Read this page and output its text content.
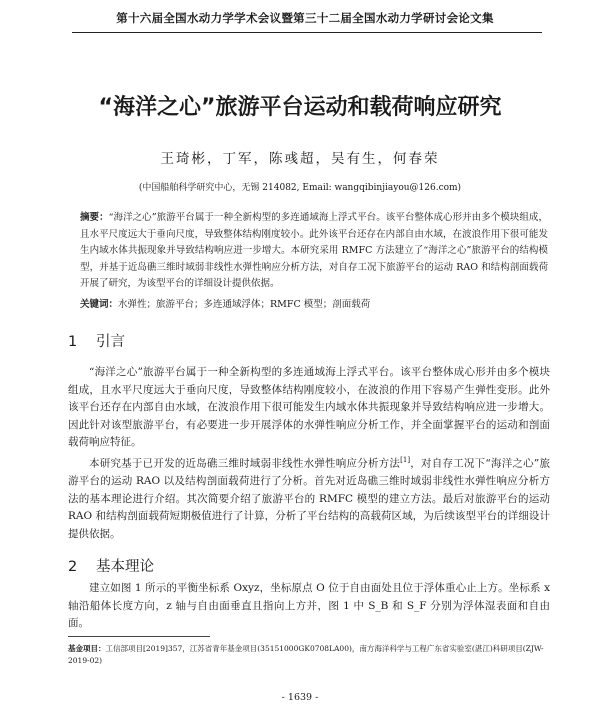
第十六届全国水动力学学术会议暨第三十二届全国水动力学研讨会论文集
“海洋之心”旅游平台运动和载荷响应研究
王琦彬，丁军，陈彧超，吴有生，何春荣
(中国船舶科学研究中心，无锡 214082, Email: wangqibinjiayou@126.com)
摘要：“海洋之心”旅游平台属于一种全新构型的多连通域海上浮式平台。该平台整体成心形并由多个模块组成，且水平尺度远大于垂向尺度，导致整体结构刚度较小。此外该平台还存在内部自由水域，在波浪作用下很可能发生内域水体共振现象并导致结构响应进一步增大。本研究采用 RMFC 方法建立了“海洋之心”旅游平台的结构模型，并基于近岛礁三维时域弱非线性水弹性响应分析方法，对自存工况下旅游平台的运动 RAO 和结构剖面载荷开展了研究，为该型平台的详细设计提供依据。
关键词：水弹性；旅游平台；多连通域浮体；RMFC 模型；剖面载荷
1 引言
“海洋之心”旅游平台属于一种全新构型的多连通域海上浮式平台。该平台整体成心形并由多个模块组成，且水平尺度远大于垂向尺度，导致整体结构刚度较小，在波浪的作用下容易产生弹性变形。此外该平台还存在内部自由水域，在波浪作用下很可能发生内域水体共振现象并导致结构响应进一步增大。因此针对该型旅游平台，有必要进一步开展浮体的水弹性响应分析工作，并全面掌握平台的运动和剖面载荷响应特征。
本研究基于已开发的近岛礁三维时域弱非线性水弹性响应分析方法[1]，对自存工况下“海洋之心”旅游平台的运动 RAO 以及结构剖面载荷进行了分析。首先对近岛礁三维时域弱非线性水弹性响应分析方法的基本理论进行介绍。其次简要介绍了旅游平台的 RMFC 模型的建立方法。最后对旅游平台的运动 RAO 和结构剖面载荷短期极值进行了计算，分析了平台结构的高载荷区域，为后续该型平台的详细设计提供依据。
2 基本理论
建立如图 1 所示的平衡坐标系 Oxyz，坐标原点 O 位于自由面处且位于浮体重心止上方。坐标系 x 轴沿船体长度方向，z 轴与自由面垂直且指向上方并，图 1 中 S_B 和 S_F 分别为浮体湿表面和自由面。
基金项目：工信部项目[2019]357，江苏省青年基金项目(35151000GK0708LA00)，南方海洋科学与工程广东省实验室(湛江)科研项目(ZJW-2019-02)
- 1639 -
